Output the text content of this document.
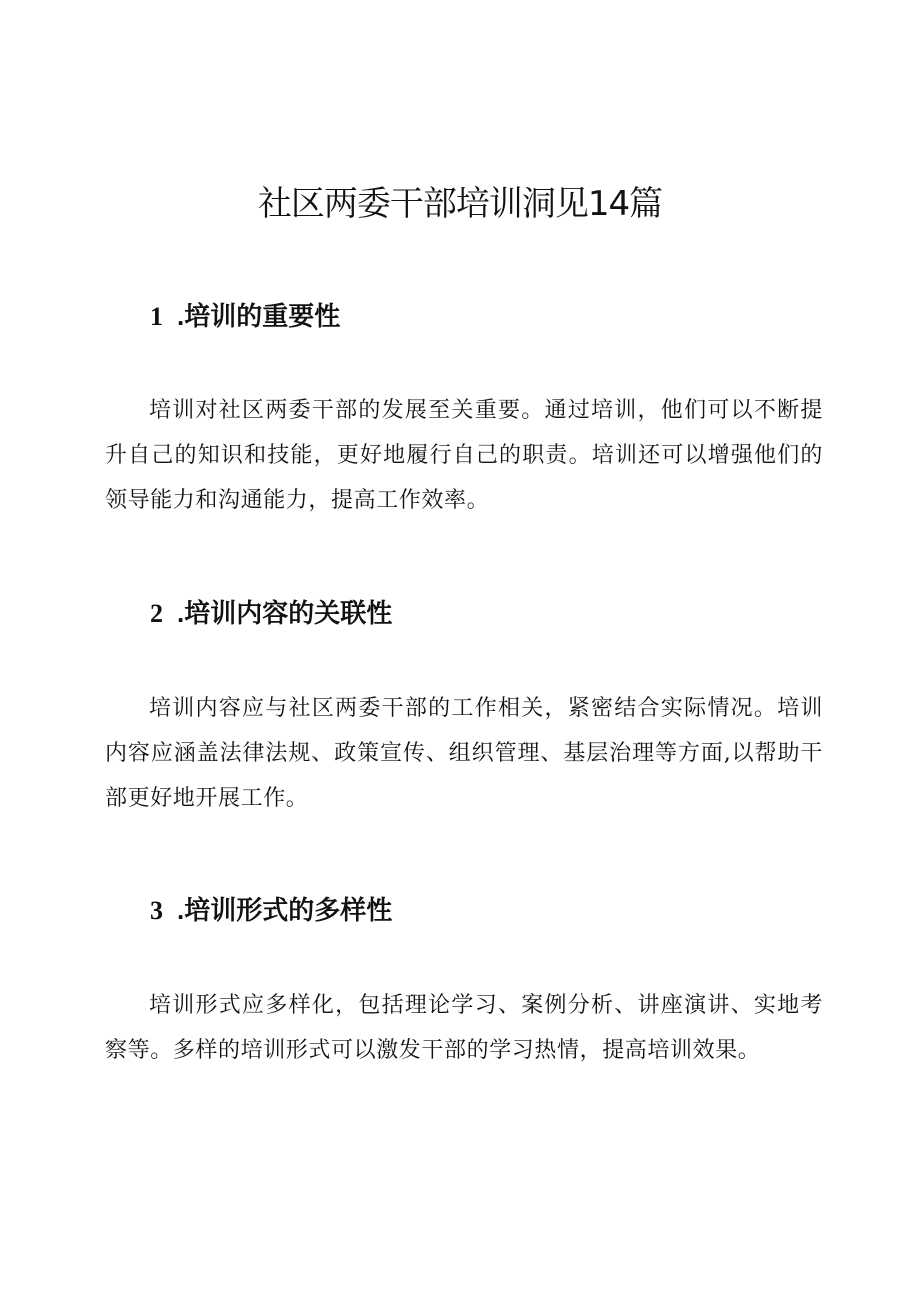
社区两委干部培训洞见14篇
1 .培训的重要性

培训对社区两委干部的发展至关重要。通过培训，他们可以不断提升自己的知识和技能，更好地履行自己的职责。培训还可以增强他们的领导能力和沟通能力，提高工作效率。

2 .培训内容的关联性

培训内容应与社区两委干部的工作相关，紧密结合实际情况。培训内容应涵盖法律法规、政策宣传、组织管理、基层治理等方面,以帮助干部更好地开展工作。

3 .培训形式的多样性

培训形式应多样化，包括理论学习、案例分析、讲座演讲、实地考察等。多样的培训形式可以激发干部的学习热情，提高培训效果。
